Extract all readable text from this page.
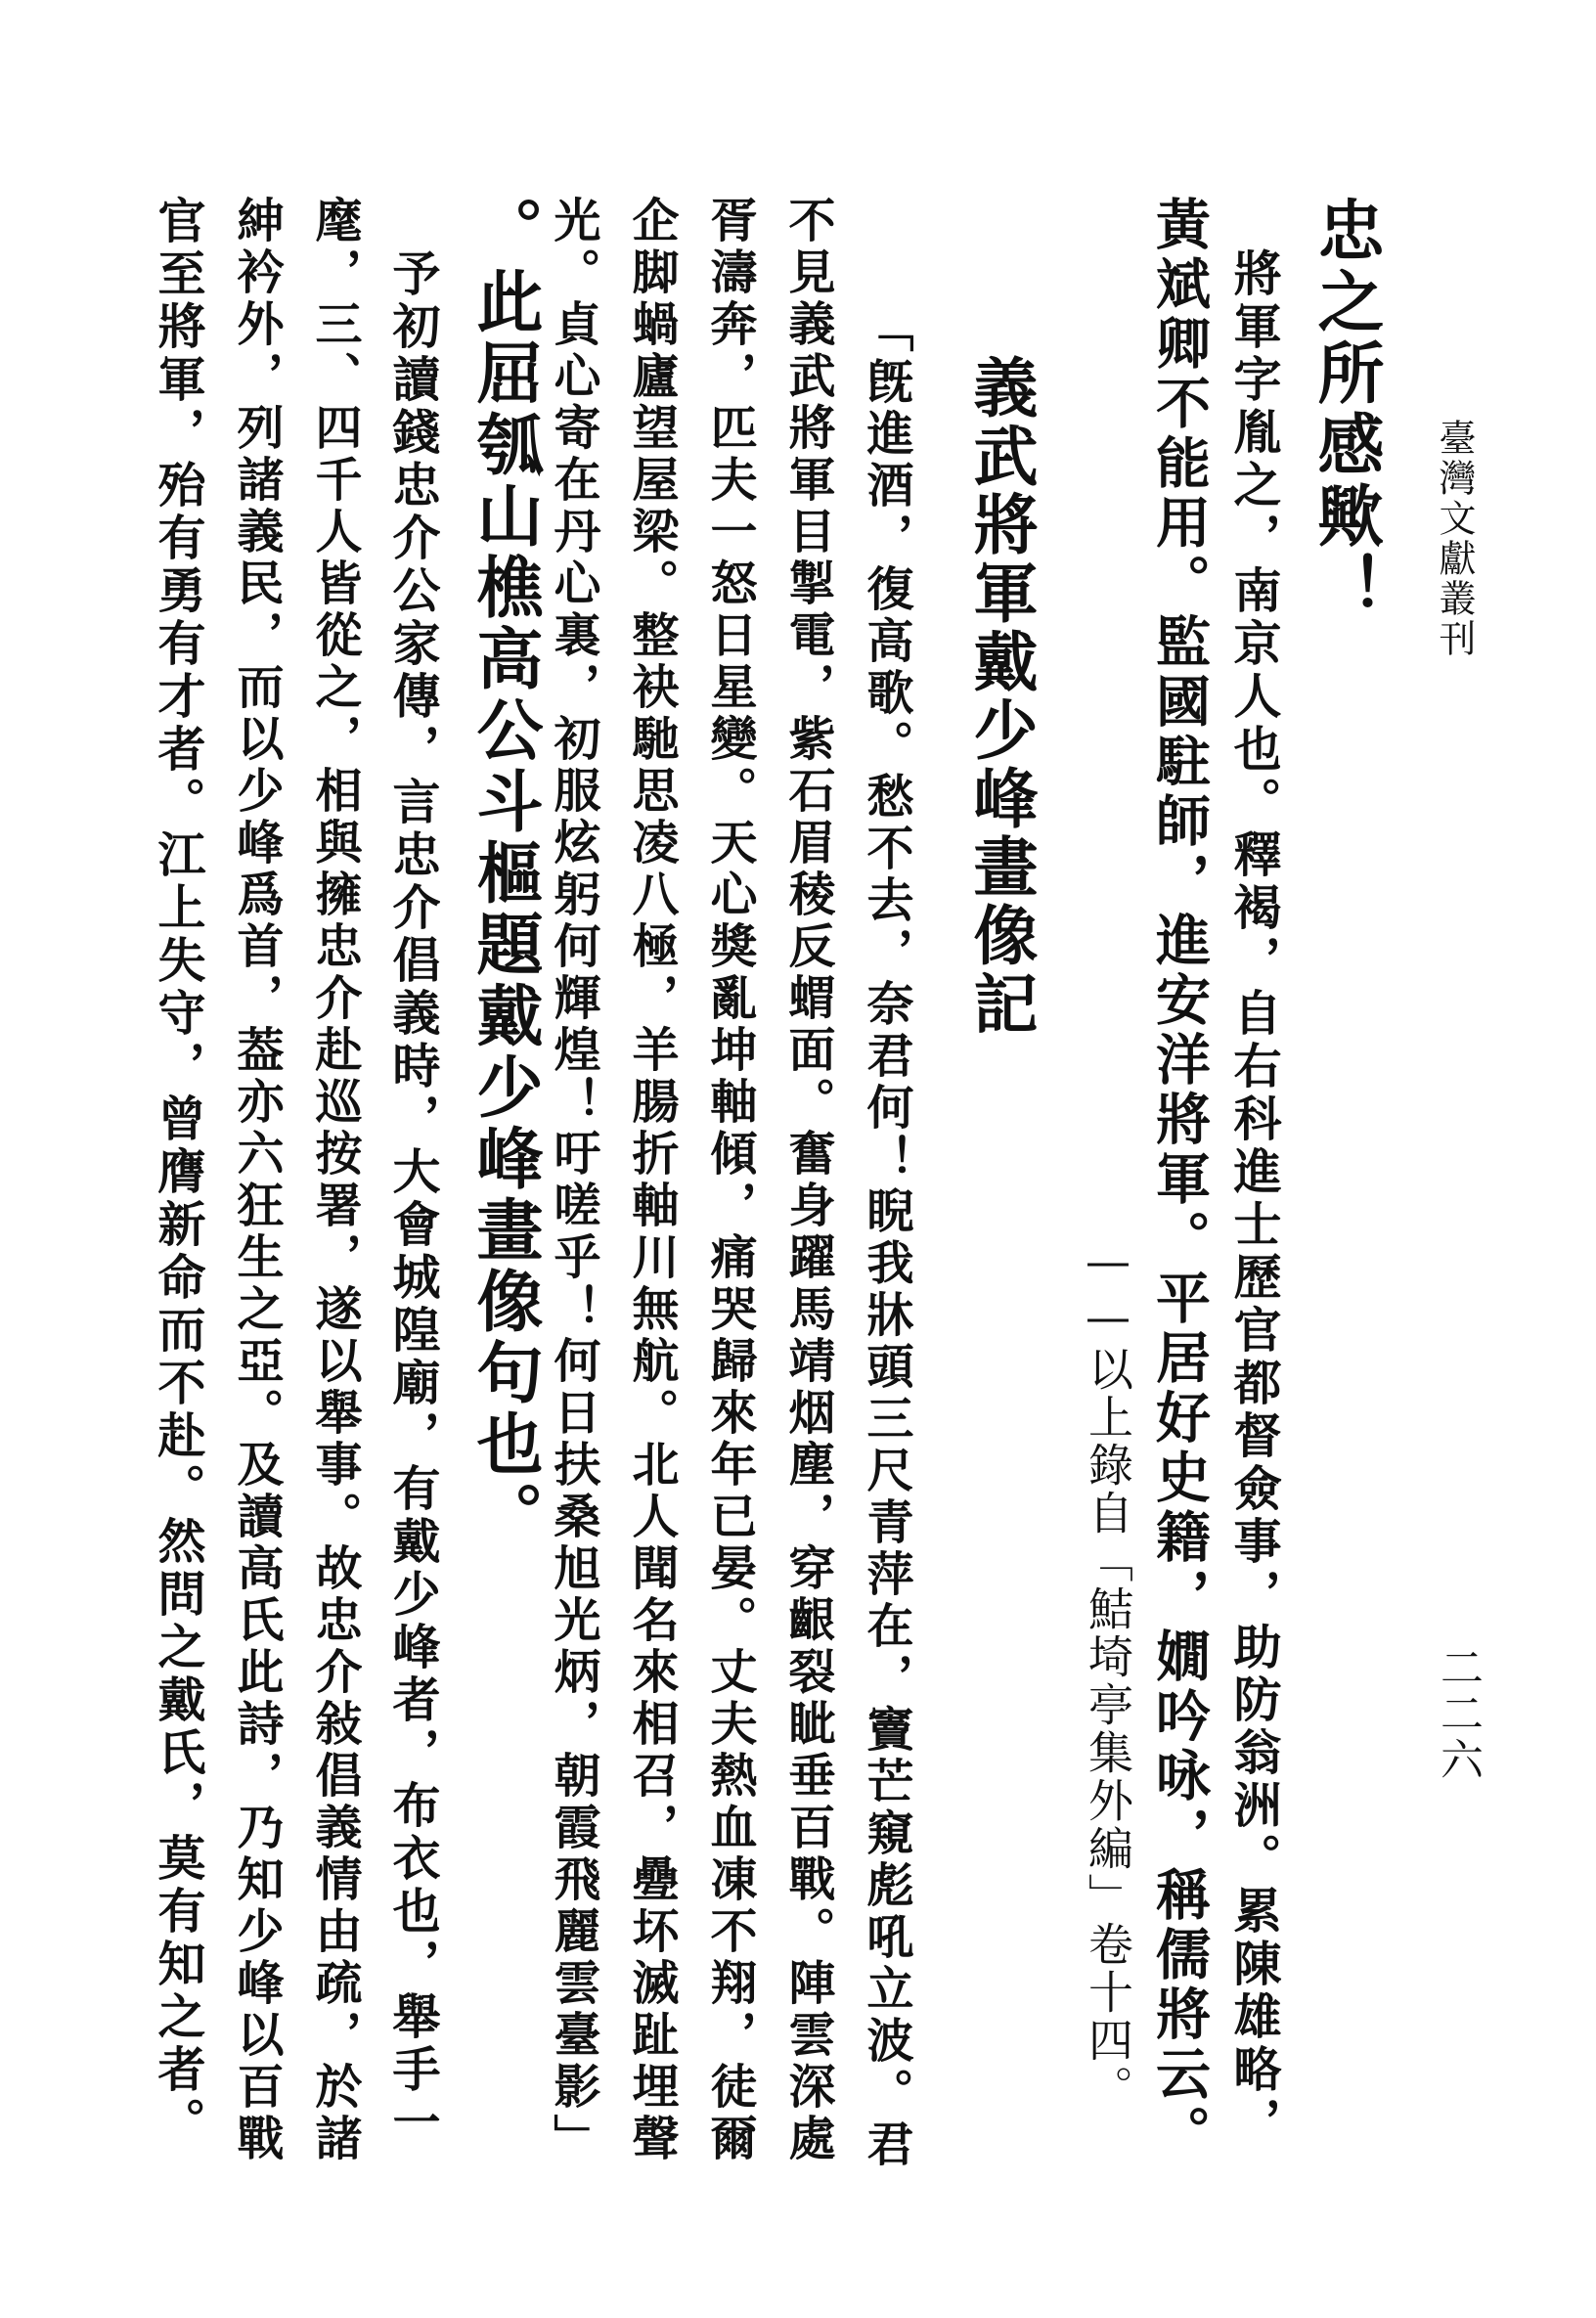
臺灣文獻叢刊
二二六
忠之所感歟！
　將軍字胤之，南京人也。釋褐，自右科進士歷官都督僉事，助防翁洲。累陳雄略，
黃斌卿不能用。監國駐師，進安洋將軍。平居好史籍，嫺吟咏，稱儒將云。
——以上錄自「鮚埼亭集外編」卷十四。
義武將軍戴少峰畫像記
「旣進酒，復高歌。愁不去，奈君何！睨我牀頭三尺青萍在，竇芒窺彪吼立波。君
不見義武將軍目掣電，紫石眉稜反蝟面。奮身躍馬靖烟塵，穿齦裂眦垂百戰。陣雲深處
胥濤奔，匹夫一怒日星變。天心獎亂坤軸傾，痛哭歸來年已晏。丈夫熱血凍不翔，徒爾
企脚蝸廬望屋梁。整袂馳思凌八極，羊腸折軸川無航。北人聞名來相召，疉坏滅趾埋聲
光。貞心寄在丹心裏，初服炫躬何輝煌！吁嗟乎！何日扶桑旭光炳，朝霞飛麗雲臺影」
。此屈瓠山樵高公斗樞題戴少峰畫像句也。
　予初讀錢忠介公家傳，言忠介倡義時，大會城隍廟，有戴少峰者，布衣也，舉手一
麾，三、四千人皆從之，相與擁忠介赴巡按署，遂以舉事。故忠介敍倡義情由疏，於諸
紳衿外，列諸義民，而以少峰爲首，葢亦六狂生之亞。及讀高氏此詩，乃知少峰以百戰
官至將軍，殆有勇有才者。江上失守，曾膺新命而不赴。然問之戴氏，莫有知之者。
